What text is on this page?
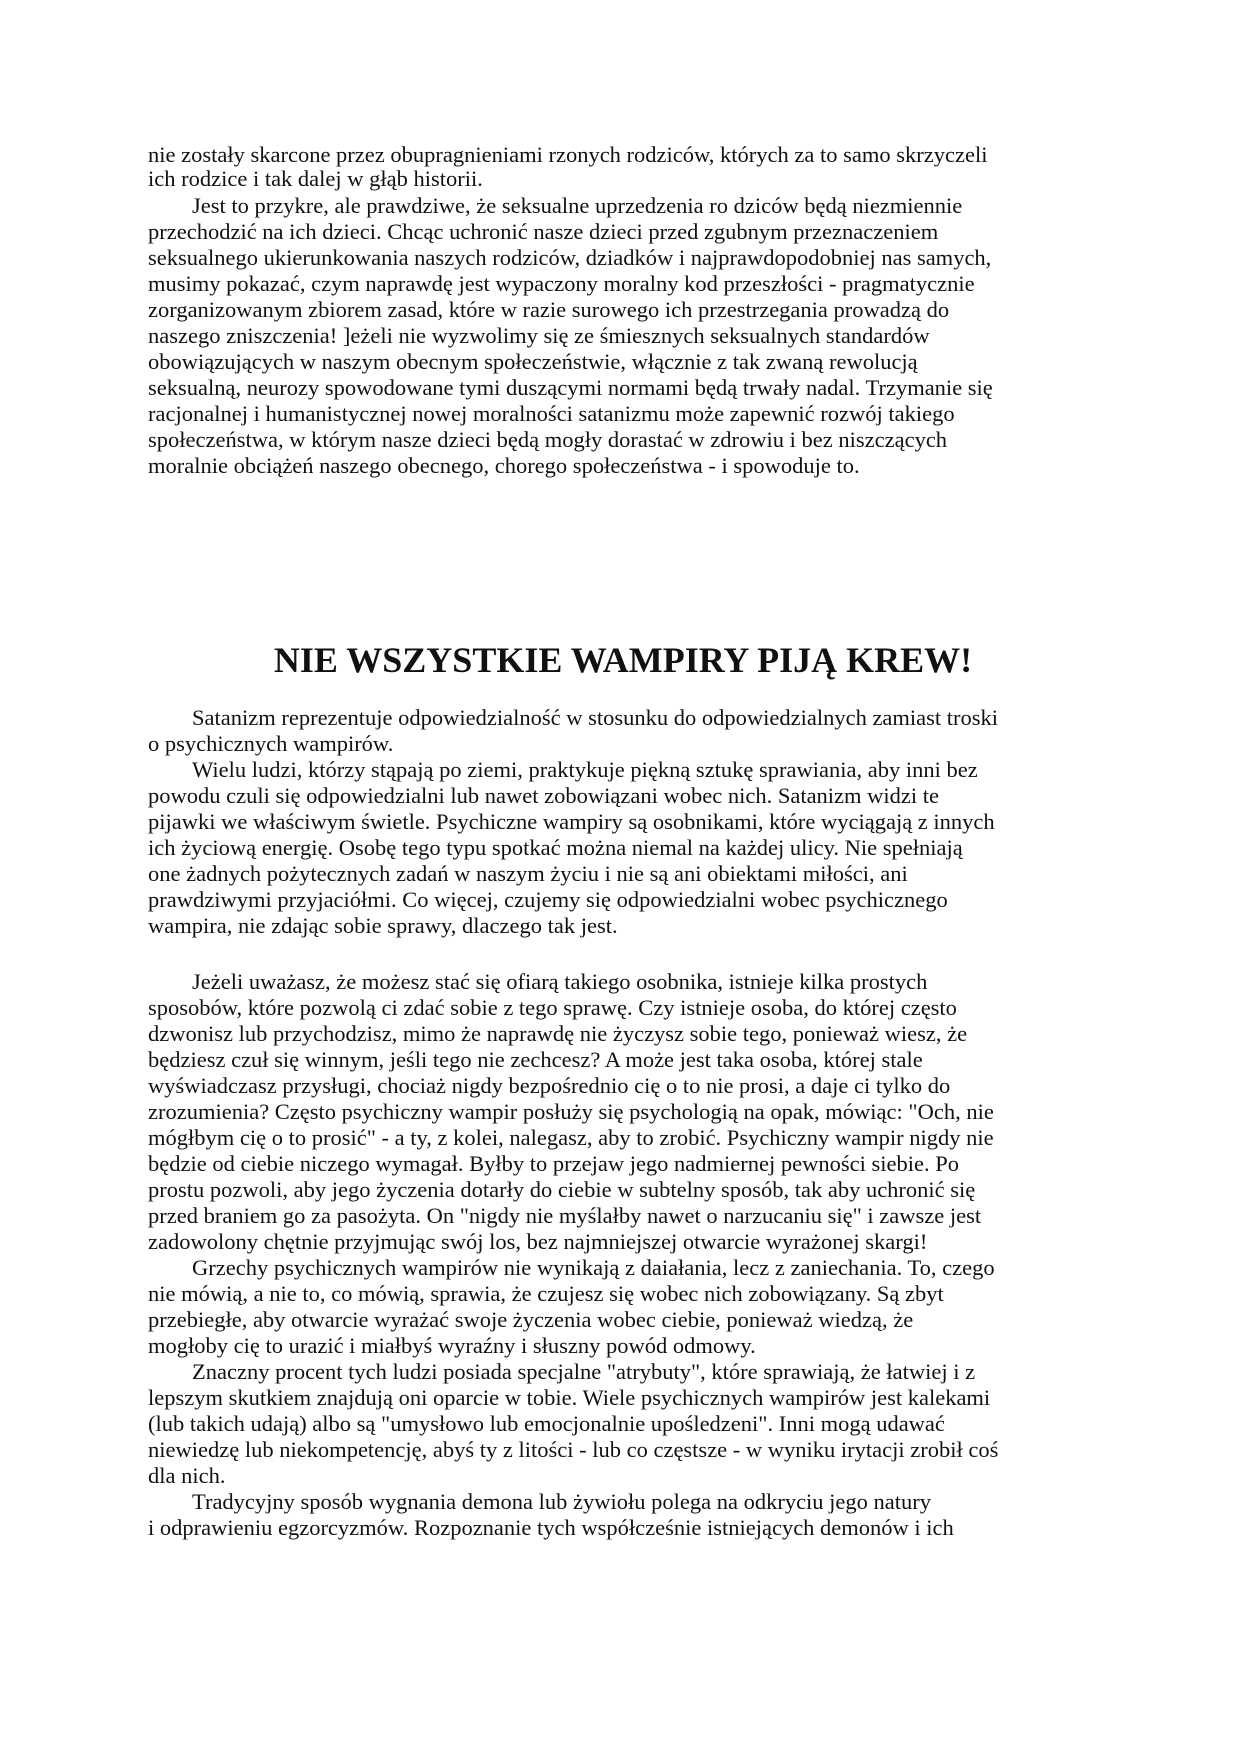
nie zostały skarcone przez obupragnieniami rzonych rodziców, których za to samo skrzyczeli
ich rodzice i tak dalej w głąb historii.
Jest to przykre, ale prawdziwe, że seksualne uprzedzenia ro dziców będą niezmiennie
przechodzić na ich dzieci. Chcąc uchronić nasze dzieci przed zgubnym przeznaczeniem
seksualnego ukierunkowania naszych rodziców, dziadków i najprawdopodobniej nas samych,
musimy pokazać, czym naprawdę jest wypaczony moralny kod przeszłości - pragmatycznie
zorganizowanym zbiorem zasad, które w razie surowego ich przestrzegania prowadzą do
naszego zniszczenia! ]eżeli nie wyzwolimy się ze śmiesznych seksualnych standardów
obowiązujących w naszym obecnym społeczeństwie, włącznie z tak zwaną rewolucją
seksualną, neurozy spowodowane tymi duszącymi normami będą trwały nadal. Trzymanie się
racjonalnej i humanistycznej nowej moralności satanizmu może zapewnić rozwój takiego
społeczeństwa, w którym nasze dzieci będą mogły dorastać w zdrowiu i bez niszczących
moralnie obciążeń naszego obecnego, chorego społeczeństwa - i spowoduje to.
NIE WSZYSTKIE WAMPIRY PIJĄ KREW!
Satanizm reprezentuje odpowiedzialność w stosunku do odpowiedzialnych zamiast troski
o psychicznych wampirów.
Wielu ludzi, którzy stąpają po ziemi, praktykuje piękną sztukę sprawiania, aby inni bez
powodu czuli się odpowiedzialni lub nawet zobowiązani wobec nich. Satanizm widzi te
pijawki we właściwym świetle. Psychiczne wampiry są osobnikami, które wyciągają z innych
ich życiową energię. Osobę tego typu spotkać można niemal na każdej ulicy. Nie spełniają
one żadnych pożytecznych zadań w naszym życiu i nie są ani obiektami miłości, ani
prawdziwymi przyjaciółmi. Co więcej, czujemy się odpowiedzialni wobec psychicznego
wampira, nie zdając sobie sprawy, dlaczego tak jest.
Jeżeli uważasz, że możesz stać się ofiarą takiego osobnika, istnieje kilka prostych
sposobów, które pozwolą ci zdać sobie z tego sprawę. Czy istnieje osoba, do której często
dzwonisz lub przychodzisz, mimo że naprawdę nie życzysz sobie tego, ponieważ wiesz, że
będziesz czuł się winnym, jeśli tego nie zechcesz? A może jest taka osoba, której stale
wyświadczasz przysługi, chociaż nigdy bezpośrednio cię o to nie prosi, a daje ci tylko do
zrozumienia? Często psychiczny wampir posłuży się psychologią na opak, mówiąc: "Och, nie
mógłbym cię o to prosić" - a ty, z kolei, nalegasz, aby to zrobić. Psychiczny wampir nigdy nie
będzie od ciebie niczego wymagał. Byłby to przejaw jego nadmiernej pewności siebie. Po
prostu pozwoli, aby jego życzenia dotarły do ciebie w subtelny sposób, tak aby uchronić się
przed braniem go za pasożyta. On "nigdy nie myślałby nawet o narzucaniu się" i zawsze jest
zadowolony chętnie przyjmując swój los, bez najmniejszej otwarcie wyrażonej skargi!
Grzechy psychicznych wampirów nie wynikają z daiałania, lecz z zaniechania. To, czego
nie mówią, a nie to, co mówią, sprawia, że czujesz się wobec nich zobowiązany. Są zbyt
przebiegłe, aby otwarcie wyrażać swoje życzenia wobec ciebie, ponieważ wiedzą, że
mogłoby cię to urazić i miałbyś wyraźny i słuszny powód odmowy.
Znaczny procent tych ludzi posiada specjalne "atrybuty", które sprawiają, że łatwiej i z
lepszym skutkiem znajdują oni oparcie w tobie. Wiele psychicznych wampirów jest kalekami
(lub takich udają) albo są "umysłowo lub emocjonalnie upośledzeni". Inni mogą udawać
niewiedzę lub niekompetencję, abyś ty z litości - lub co częstsze - w wyniku irytacji zrobił coś
dla nich.
Tradycyjny sposób wygnania demona lub żywiołu polega na odkryciu jego natury
i odprawieniu egzorcyzmów. Rozpoznanie tych współcześnie istniejących demonów i ich
